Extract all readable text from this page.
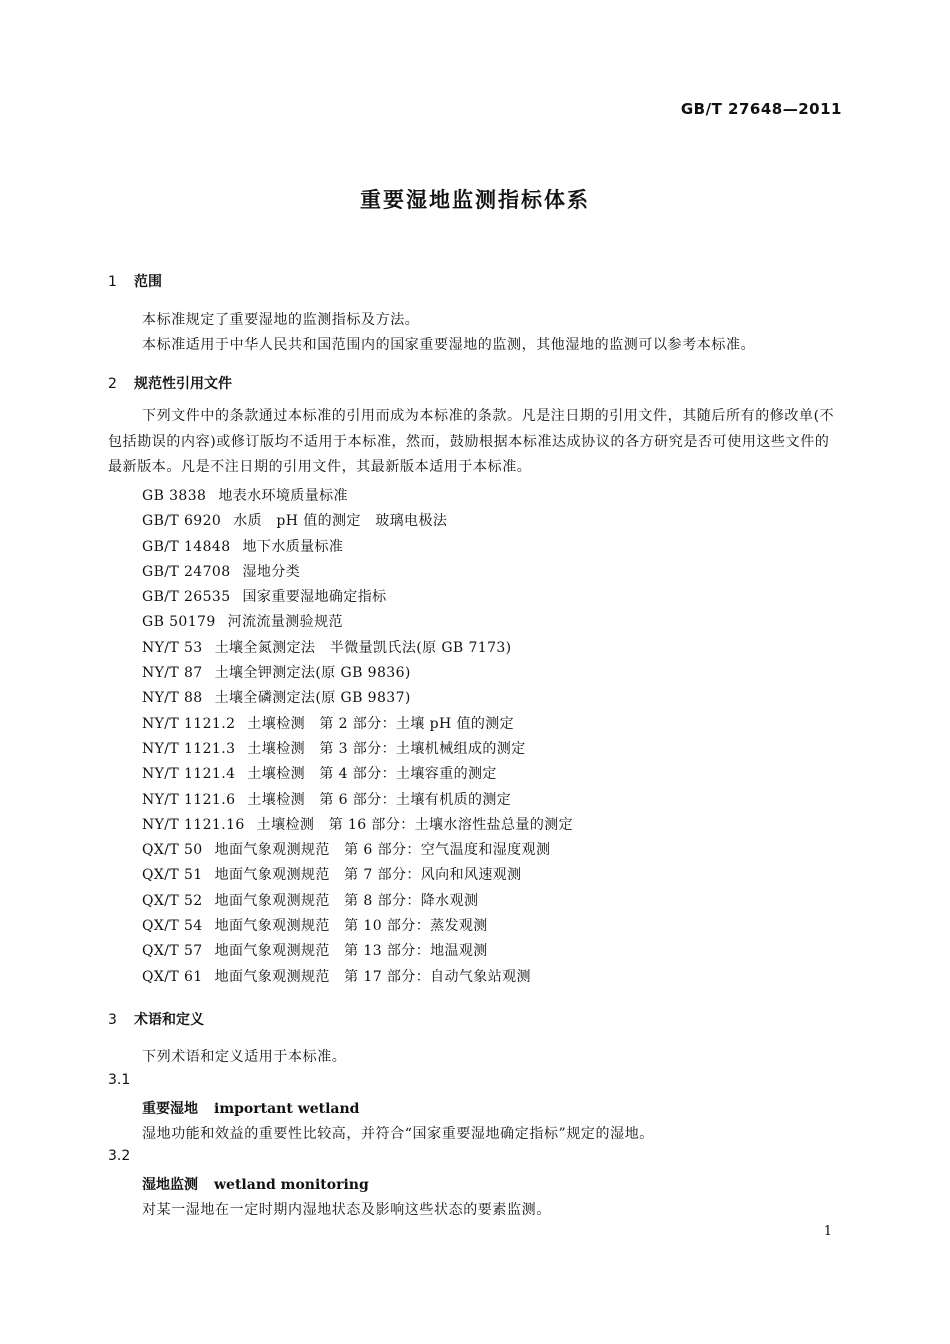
GB/T 27648—2011
重要湿地监测指标体系
1 范围
本标准规定了重要湿地的监测指标及方法。
本标准适用于中华人民共和国范围内的国家重要湿地的监测，其他湿地的监测可以参考本标准。
2 规范性引用文件
下列文件中的条款通过本标准的引用而成为本标准的条款。凡是注日期的引用文件，其随后所有的修改单(不包括勘误的内容)或修订版均不适用于本标准，然而，鼓励根据本标准达成协议的各方研究是否可使用这些文件的最新版本。凡是不注日期的引用文件，其最新版本适用于本标准。
GB 3838 地表水环境质量标准
GB/T 6920 水质　pH 值的测定　玻璃电极法
GB/T 14848 地下水质量标准
GB/T 24708 湿地分类
GB/T 26535 国家重要湿地确定指标
GB 50179 河流流量测验规范
NY/T 53 土壤全氮测定法　半微量凯氏法(原 GB 7173)
NY/T 87 土壤全钾测定法(原 GB 9836)
NY/T 88 土壤全磷测定法(原 GB 9837)
NY/T 1121.2 土壤检测　第 2 部分：土壤 pH 值的测定
NY/T 1121.3 土壤检测　第 3 部分：土壤机械组成的测定
NY/T 1121.4 土壤检测　第 4 部分：土壤容重的测定
NY/T 1121.6 土壤检测　第 6 部分：土壤有机质的测定
NY/T 1121.16 土壤检测　第 16 部分：土壤水溶性盐总量的测定
QX/T 50 地面气象观测规范　第 6 部分：空气温度和湿度观测
QX/T 51 地面气象观测规范　第 7 部分：风向和风速观测
QX/T 52 地面气象观测规范　第 8 部分：降水观测
QX/T 54 地面气象观测规范　第 10 部分：蒸发观测
QX/T 57 地面气象观测规范　第 13 部分：地温观测
QX/T 61 地面气象观测规范　第 17 部分：自动气象站观测
3 术语和定义
下列术语和定义适用于本标准。
3.1
重要湿地 important wetland
湿地功能和效益的重要性比较高，并符合“国家重要湿地确定指标”规定的湿地。
3.2
湿地监测 wetland monitoring
对某一湿地在一定时期内湿地状态及影响这些状态的要素监测。
1
